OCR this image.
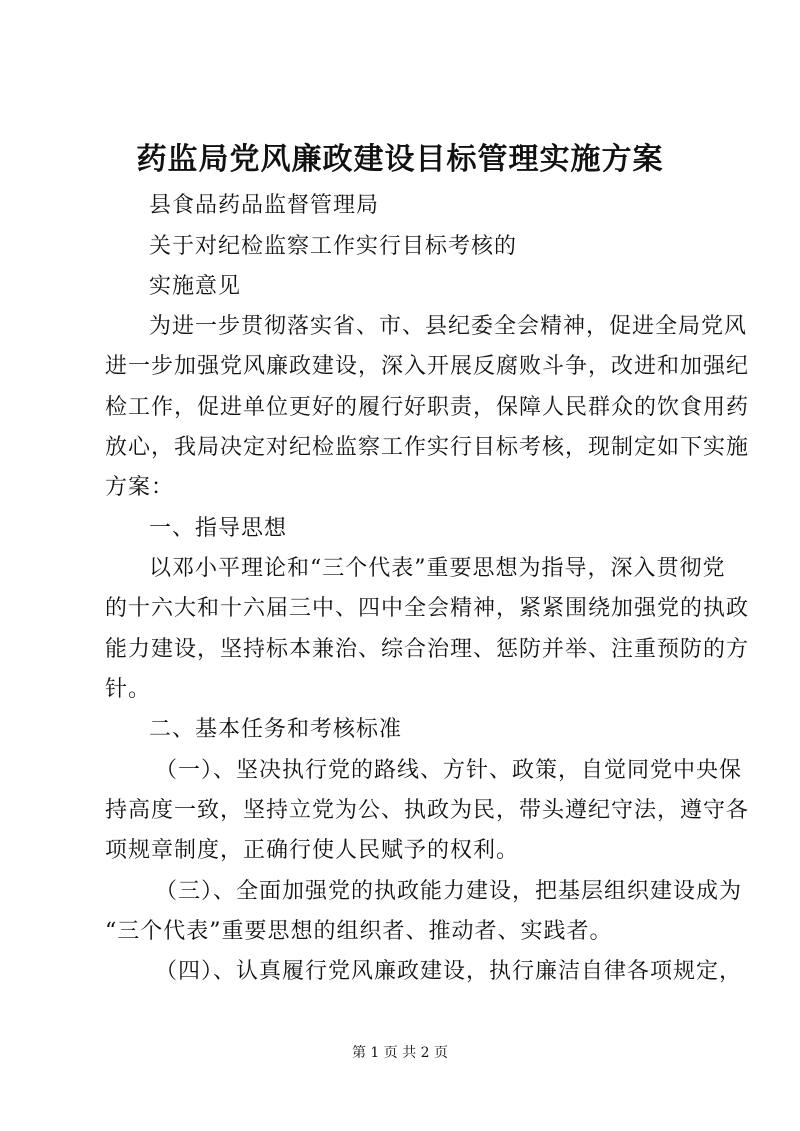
药监局党风廉政建设目标管理实施方案
县食品药品监督管理局
关于对纪检监察工作实行目标考核的
实施意见
为进一步贯彻落实省、市、县纪委全会精神，促进全局党风
进一步加强党风廉政建设，深入开展反腐败斗争，改进和加强纪
检工作，促进单位更好的履行好职责，保障人民群众的饮食用药
放心，我局决定对纪检监察工作实行目标考核，现制定如下实施
方案：
一、指导思想
以邓小平理论和“三个代表”重要思想为指导，深入贯彻党
的十六大和十六届三中、四中全会精神，紧紧围绕加强党的执政
能力建设，坚持标本兼治、综合治理、惩防并举、注重预防的方
针。
二、基本任务和考核标准
（一）、坚决执行党的路线、方针、政策，自觉同党中央保
持高度一致，坚持立党为公、执政为民，带头遵纪守法，遵守各
项规章制度，正确行使人民赋予的权利。
（三）、全面加强党的执政能力建设，把基层组织建设成为
“三个代表”重要思想的组织者、推动者、实践者。
（四）、认真履行党风廉政建设，执行廉洁自律各项规定，
第 1 页 共 2 页
